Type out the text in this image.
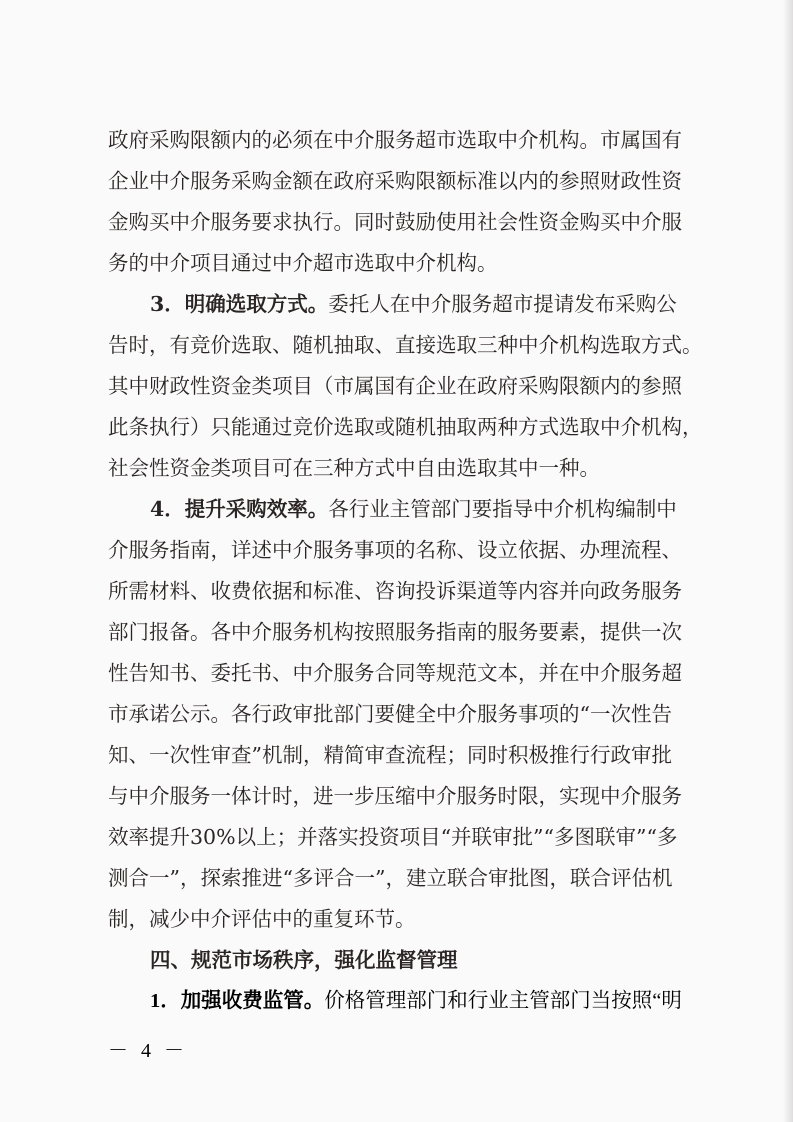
政府采购限额内的必须在中介服务超市选取中介机构。市属国有
企业中介服务采购金额在政府采购限额标准以内的参照财政性资
金购买中介服务要求执行。同时鼓励使用社会性资金购买中介服
务的中介项目通过中介超市选取中介机构。
3．明确选取方式。委托人在中介服务超市提请发布采购公
告时，有竞价选取、随机抽取、直接选取三种中介机构选取方式。
其中财政性资金类项目（市属国有企业在政府采购限额内的参照
此条执行）只能通过竞价选取或随机抽取两种方式选取中介机构，
社会性资金类项目可在三种方式中自由选取其中一种。
4．提升采购效率。各行业主管部门要指导中介机构编制中
介服务指南，详述中介服务事项的名称、设立依据、办理流程、
所需材料、收费依据和标准、咨询投诉渠道等内容并向政务服务
部门报备。各中介服务机构按照服务指南的服务要素，提供一次
性告知书、委托书、中介服务合同等规范文本，并在中介服务超
市承诺公示。各行政审批部门要健全中介服务事项的“一次性告
知、一次性审查”机制，精简审查流程；同时积极推行行政审批
与中介服务一体计时，进一步压缩中介服务时限，实现中介服务
效率提升30%以上；并落实投资项目“并联审批”“多图联审”“多
测合一”，探索推进“多评合一”，建立联合审批图，联合评估机
制，减少中介评估中的重复环节。
四、规范市场秩序，强化监督管理
1．加强收费监管。价格管理部门和行业主管部门当按照“明
－ 4 －
